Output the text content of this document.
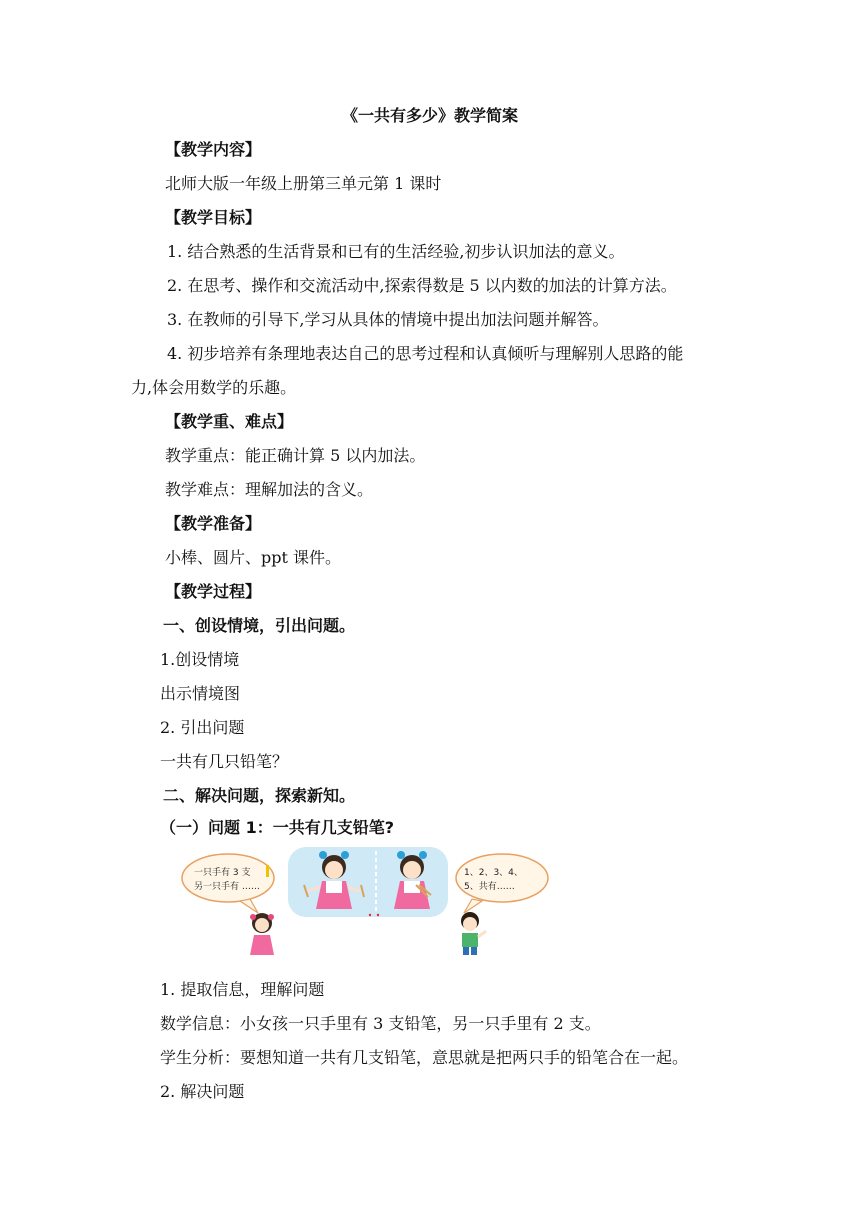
《一共有多少》教学简案
【教学内容】
北师大版一年级上册第三单元第 1 课时
【教学目标】
1. 结合熟悉的生活背景和已有的生活经验,初步认识加法的意义。
2. 在思考、操作和交流活动中,探索得数是 5 以内数的加法的计算方法。
3. 在教师的引导下,学习从具体的情境中提出加法问题并解答。
4. 初步培养有条理地表达自己的思考过程和认真倾听与理解别人思路的能
力,体会用数学的乐趣。
【教学重、难点】
教学重点：能正确计算 5 以内加法。
教学难点：理解加法的含义。
【教学准备】
小棒、圆片、ppt 课件。
【教学过程】
一、创设情境，引出问题。
1.创设情境
出示情境图
2. 引出问题
一共有几只铅笔？
二、解决问题，探索新知。
（一）问题 1：一共有几支铅笔?
一只手有 3 支
另一只手有 ……
1、2、3、4、
5、共有……
1. 提取信息，理解问题
数学信息：小女孩一只手里有 3 支铅笔，另一只手里有 2 支。
学生分析：要想知道一共有几支铅笔，意思就是把两只手的铅笔合在一起。
2. 解决问题
